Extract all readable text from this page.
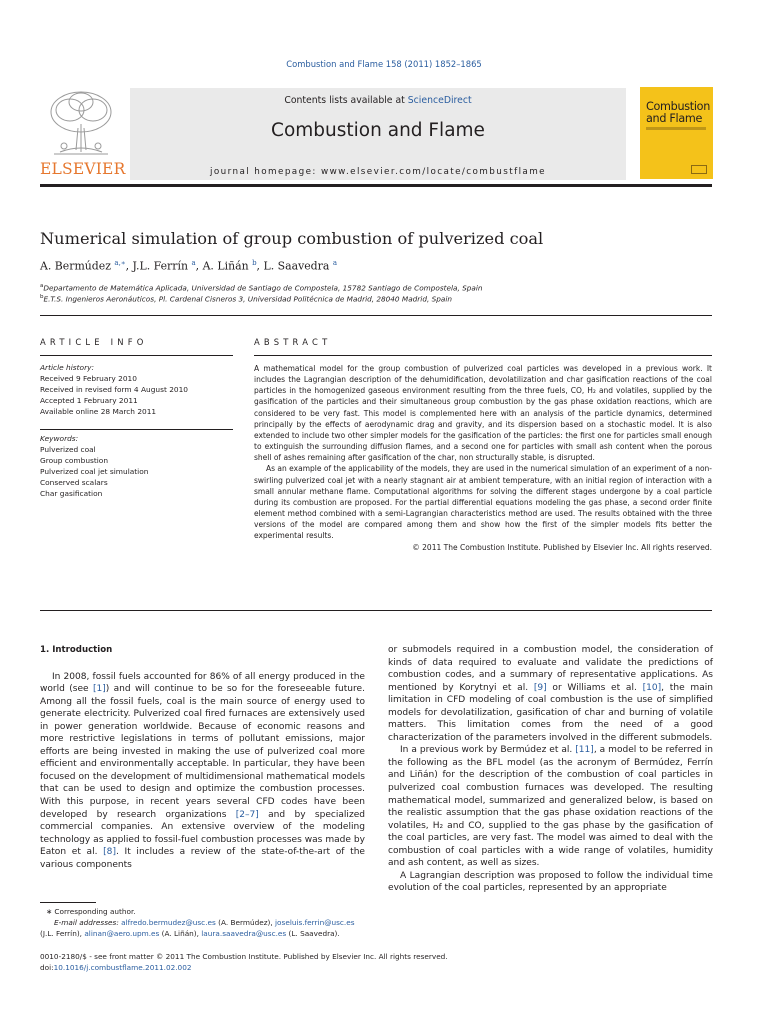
Combustion and Flame 158 (2011) 1852–1865
ELSEVIER
Contents lists available at ScienceDirect
Combustion and Flame
journal homepage: www.elsevier.com/locate/combustflame
Combustion
and Flame
Numerical simulation of group combustion of pulverized coal
A. Bermúdez $^{a,∗}$, J.L. Ferrín $^a$, A. Liñán $^b$, L. Saavedra $^a$
$^a$Departamento de Matemática Aplicada, Universidad de Santiago de Compostela, 15782 Santiago de Compostela, Spain
$^b$E.T.S. Ingenieros Aeronáuticos, Pl. Cardenal Cisneros 3, Universidad Politécnica de Madrid, 28040 Madrid, Spain
ARTICLE INFO
Article history:
Received 9 February 2010
Received in revised form 4 August 2010
Accepted 1 February 2011
Available online 28 March 2011
Keywords:
Pulverized coal
Group combustion
Pulverized coal jet simulation
Conserved scalars
Char gasification
ABSTRACT

A mathematical model for the group combustion of pulverized coal particles was developed in a previous work. It includes the Lagrangian description of the dehumidification, devolatilization and char gasification reactions of the coal particles in the homogenized gaseous environment resulting from the three fuels, CO, H₂ and volatiles, supplied by the gasification of the particles and their simultaneous group combustion by the gas phase oxidation reactions, which are considered to be very fast. This model is complemented here with an analysis of the particle dynamics, determined principally by the effects of aerodynamic drag and gravity, and its dispersion based on a stochastic model. It is also extended to include two other simpler models for the gasification of the particles: the first one for particles small enough to extinguish the surrounding diffusion flames, and a second one for particles with small ash content when the porous shell of ashes remaining after gasification of the char, non structurally stable, is disrupted.

As an example of the applicability of the models, they are used in the numerical simulation of an experiment of a non-swirling pulverized coal jet with a nearly stagnant air at ambient temperature, with an initial region of interaction with a small annular methane flame. Computational algorithms for solving the different stages undergone by a coal particle during its combustion are proposed. For the partial differential equations modeling the gas phase, a second order finite element method combined with a semi-Lagrangian characteristics method are used. The results obtained with the three versions of the model are compared among them and show how the first of the simpler models fits better the experimental results.

© 2011 The Combustion Institute. Published by Elsevier Inc. All rights reserved.

1. Introduction

In 2008, fossil fuels accounted for 86% of all energy produced in the world (see [1]) and will continue to be so for the foreseeable future. Among all the fossil fuels, coal is the main source of energy used to generate electricity. Pulverized coal fired furnaces are extensively used in power generation worldwide. Because of economic reasons and more restrictive legislations in terms of pollutant emissions, major efforts are being invested in making the use of pulverized coal more efficient and environmentally acceptable. In particular, they have been focused on the development of multidimensional mathematical models that can be used to design and optimize the combustion processes. With this purpose, in recent years several CFD codes have been developed by research organizations [2–7] and by specialized commercial companies. An extensive overview of the modeling technology as applied to fossil-fuel combustion processes was made by Eaton et al. [8]. It includes a review of the state-of-the-art of the various components

or submodels required in a combustion model, the consideration of kinds of data required to evaluate and validate the predictions of combustion codes, and a summary of representative applications. As mentioned by Korytnyi et al. [9] or Williams et al. [10], the main limitation in CFD modeling of coal combustion is the use of simplified models for devolatilization, gasification of char and burning of volatile matters. This limitation comes from the need of a good characterization of the parameters involved in the different submodels.

In a previous work by Bermúdez et al. [11], a model to be referred in the following as the BFL model (as the acronym of Bermúdez, Ferrín and Liñán) for the description of the combustion of coal particles in pulverized coal combustion furnaces was developed. The resulting mathematical model, summarized and generalized below, is based on the realistic assumption that the gas phase oxidation reactions of the volatiles, H₂ and CO, supplied to the gas phase by the gasification of the coal particles, are very fast. The model was aimed to deal with the combustion of coal particles with a wide range of volatiles, humidity and ash content, as well as sizes.

A Lagrangian description was proposed to follow the individual time evolution of the coal particles, represented by an appropriate

∗ Corresponding author.
E-mail addresses: alfredo.bermudez@usc.es (A. Bermúdez), joseluis.ferrin@usc.es
(J.L. Ferrín), alinan@aero.upm.es (A. Liñán), laura.saavedra@usc.es (L. Saavedra).
0010-2180/$ - see front matter © 2011 The Combustion Institute. Published by Elsevier Inc. All rights reserved.
doi:10.1016/j.combustflame.2011.02.002
